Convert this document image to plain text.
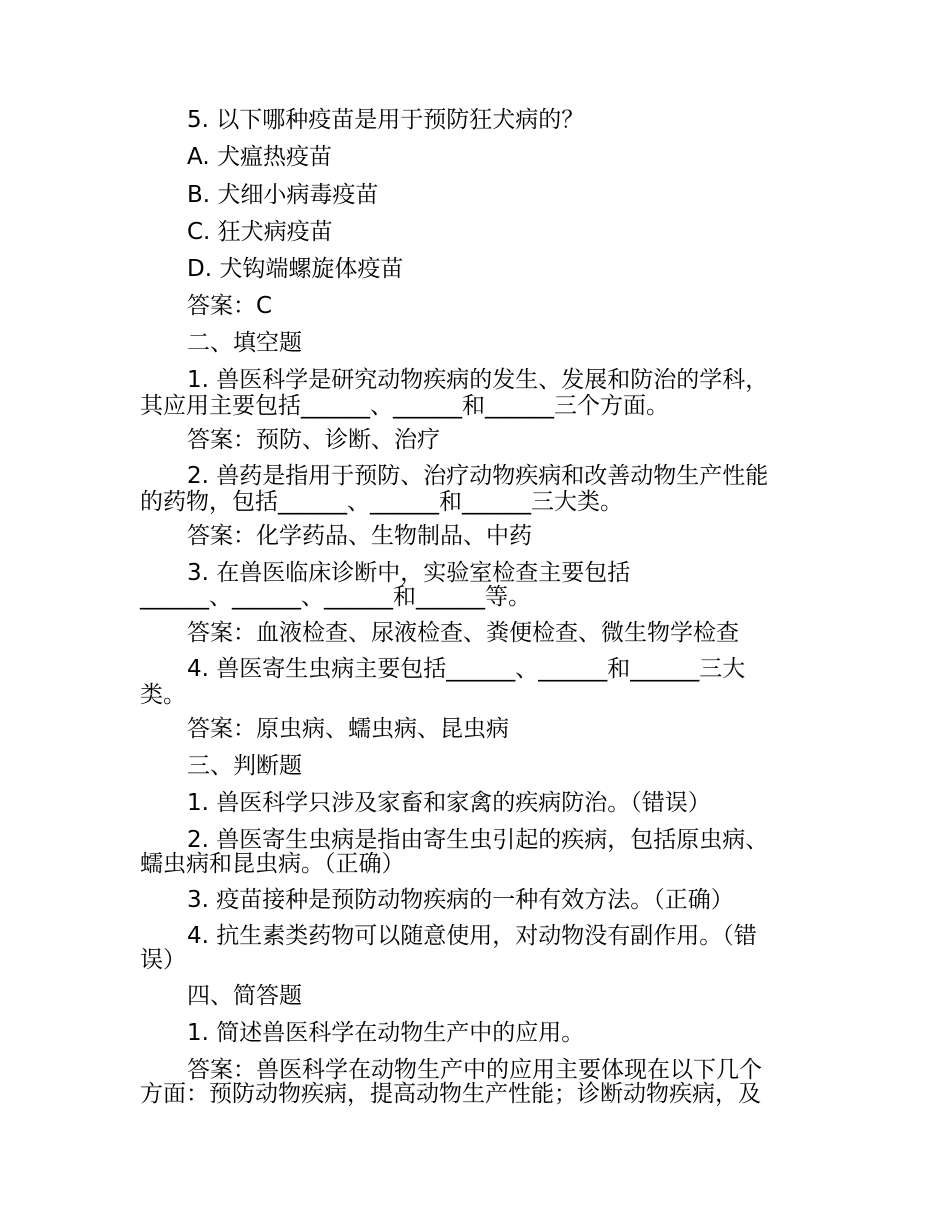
5. 以下哪种疫苗是用于预防狂犬病的？
A. 犬瘟热疫苗
B. 犬细小病毒疫苗
C. 狂犬病疫苗
D. 犬钩端螺旋体疫苗
答案：C
二、填空题
1. 兽医科学是研究动物疾病的发生、发展和防治的学科，
其应用主要包括______、______和______三个方面。
答案：预防、诊断、治疗
2. 兽药是指用于预防、治疗动物疾病和改善动物生产性能
的药物，包括______、______和______三大类。
答案：化学药品、生物制品、中药
3. 在兽医临床诊断中，实验室检查主要包括
______、______、______和______等。
答案：血液检查、尿液检查、粪便检查、微生物学检查
4. 兽医寄生虫病主要包括______、______和______三大
类。
答案：原虫病、蠕虫病、昆虫病
三、判断题
1. 兽医科学只涉及家畜和家禽的疾病防治。（错误）
2. 兽医寄生虫病是指由寄生虫引起的疾病，包括原虫病、
蠕虫病和昆虫病。（正确）
3. 疫苗接种是预防动物疾病的一种有效方法。（正确）
4. 抗生素类药物可以随意使用，对动物没有副作用。（错
误）
四、简答题
1. 简述兽医科学在动物生产中的应用。
答案：兽医科学在动物生产中的应用主要体现在以下几个
方面：预防动物疾病，提高动物生产性能；诊断动物疾病，及
